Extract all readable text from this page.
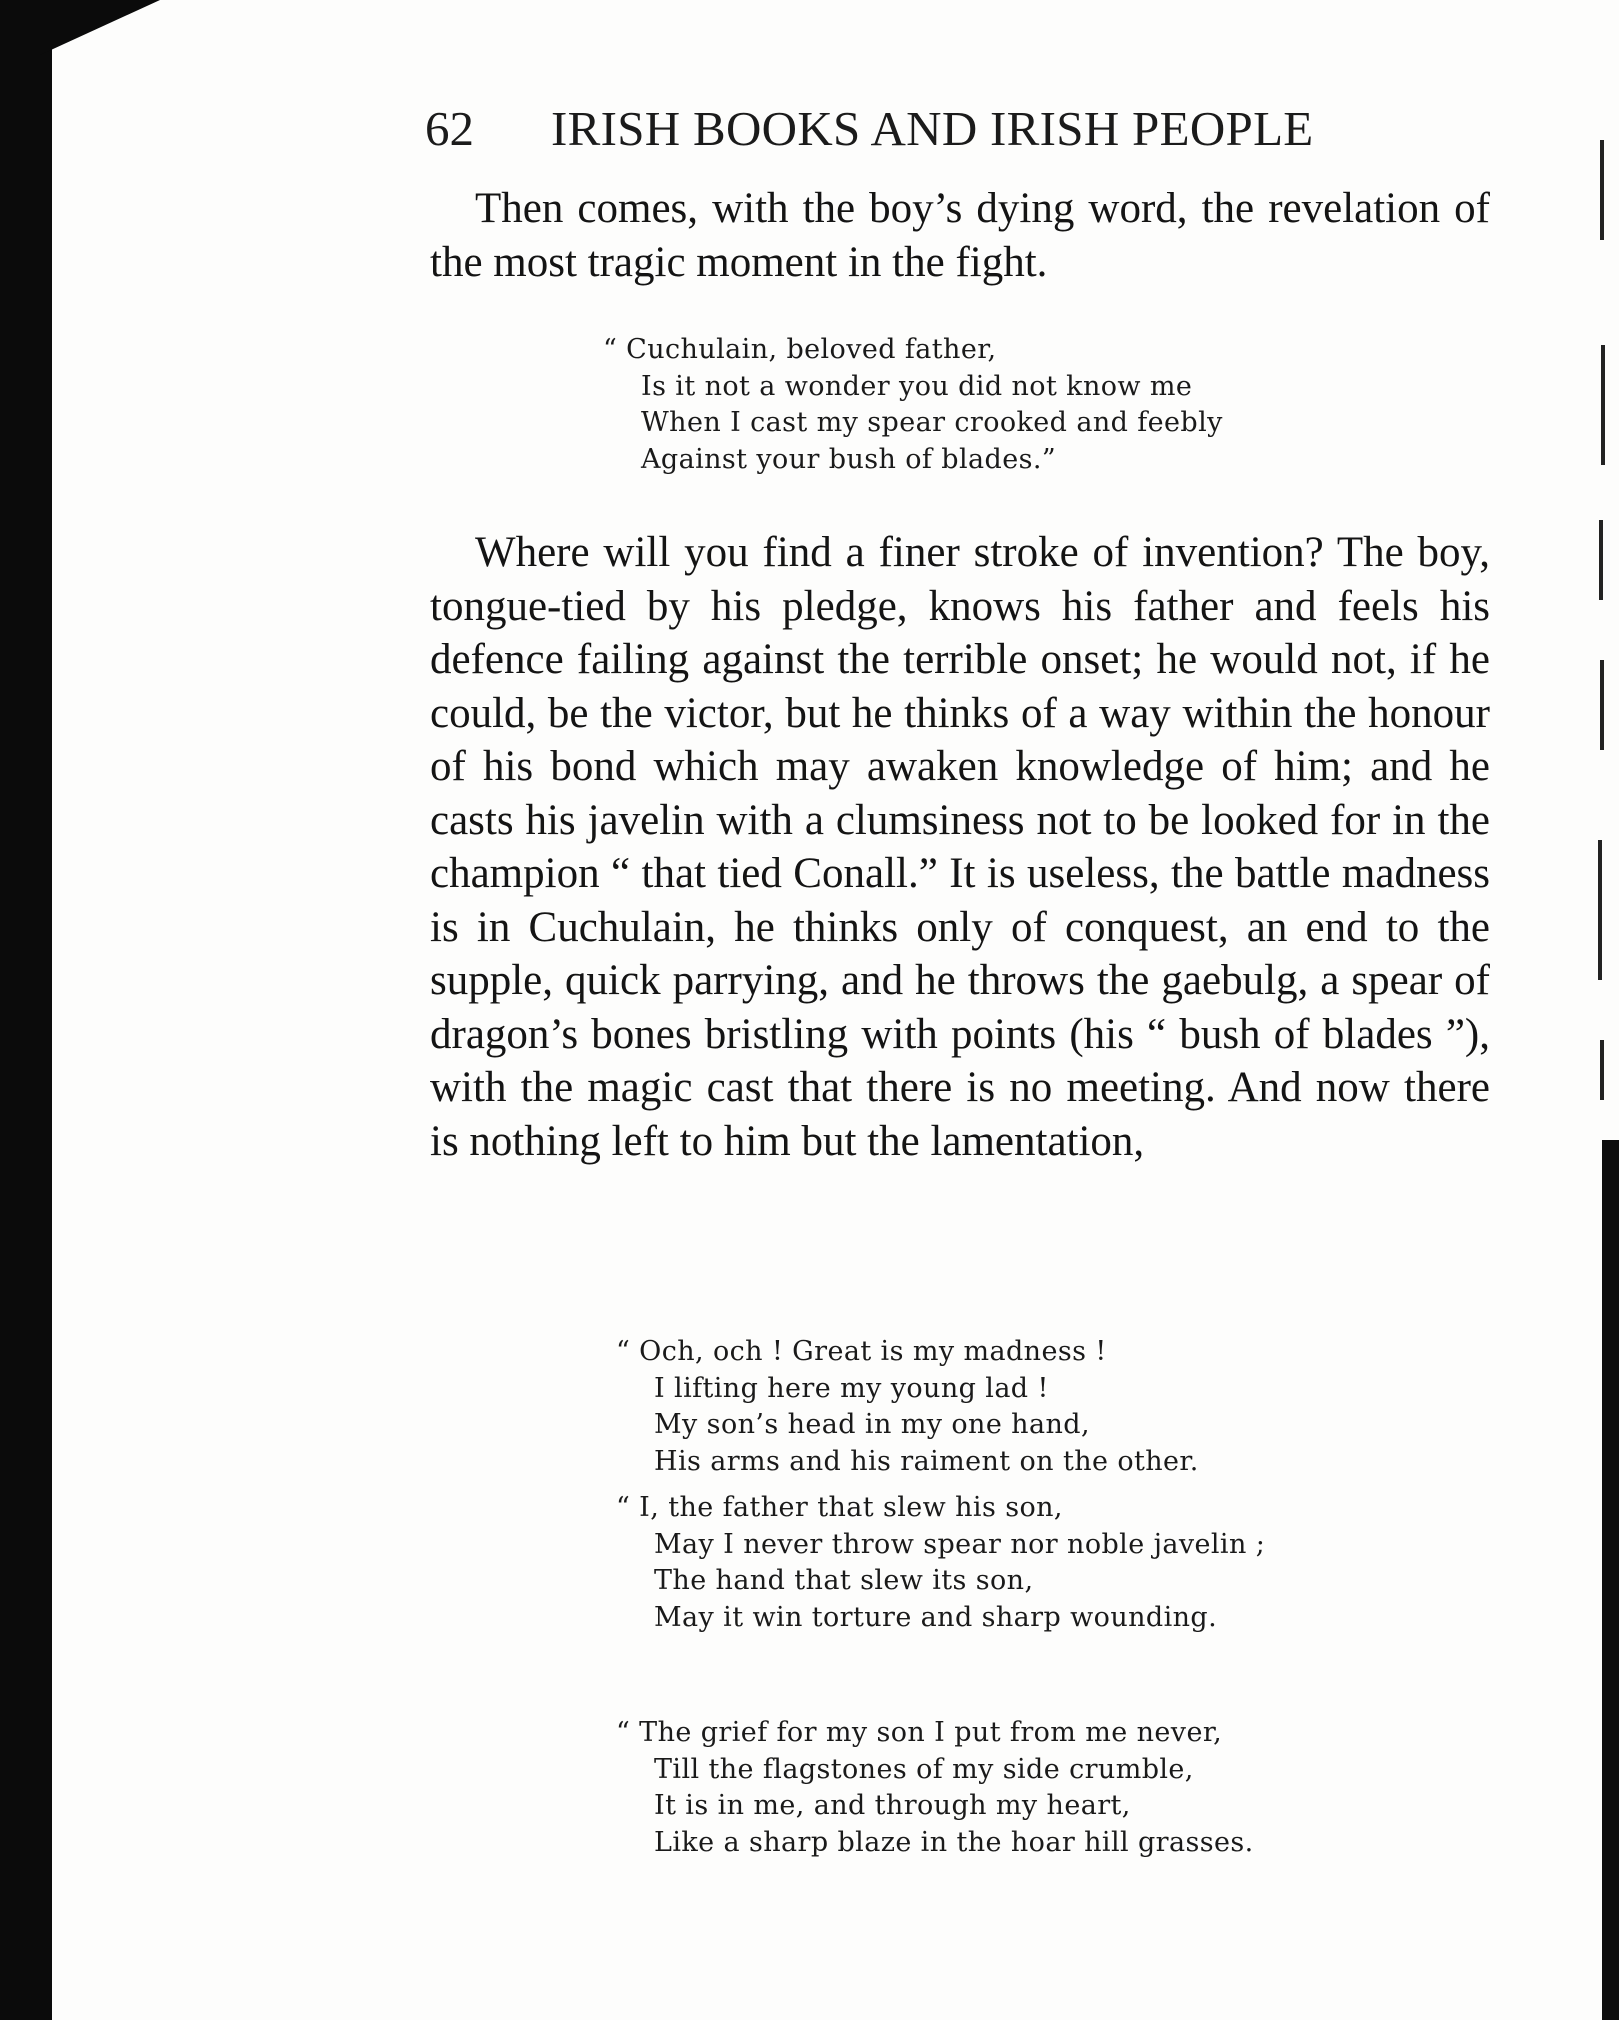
62 IRISH BOOKS AND IRISH PEOPLE

Then comes, with the boy’s dying word, the revelation of the most tragic moment in the fight.

“ Cuchulain, beloved father,
Is it not a wonder you did not know me
When I cast my spear crooked and feebly
Against your bush of blades.”

Where will you find a finer stroke of invention? The boy, tongue-tied by his pledge, knows his father and feels his defence failing against the terrible onset; he would not, if he could, be the victor, but he thinks of a way within the honour of his bond which may awaken knowledge of him; and he casts his javelin with a clumsiness not to be looked for in the champion “ that tied Conall.” It is useless, the battle madness is in Cuchulain, he thinks only of conquest, an end to the supple, quick parrying, and he throws the gaebulg, a spear of dragon’s bones bristling with points (his “ bush of blades ”), with the magic cast that there is no meeting. And now there is nothing left to him but the lamentation,

“ Och, och ! Great is my madness !
I lifting here my young lad !
My son’s head in my one hand,
His arms and his raiment on the other.
“ I, the father that slew his son,
May I never throw spear nor noble javelin ;
The hand that slew its son,
May it win torture and sharp wounding.
“ The grief for my son I put from me never,
Till the flagstones of my side crumble,
It is in me, and through my heart,
Like a sharp blaze in the hoar hill grasses.
